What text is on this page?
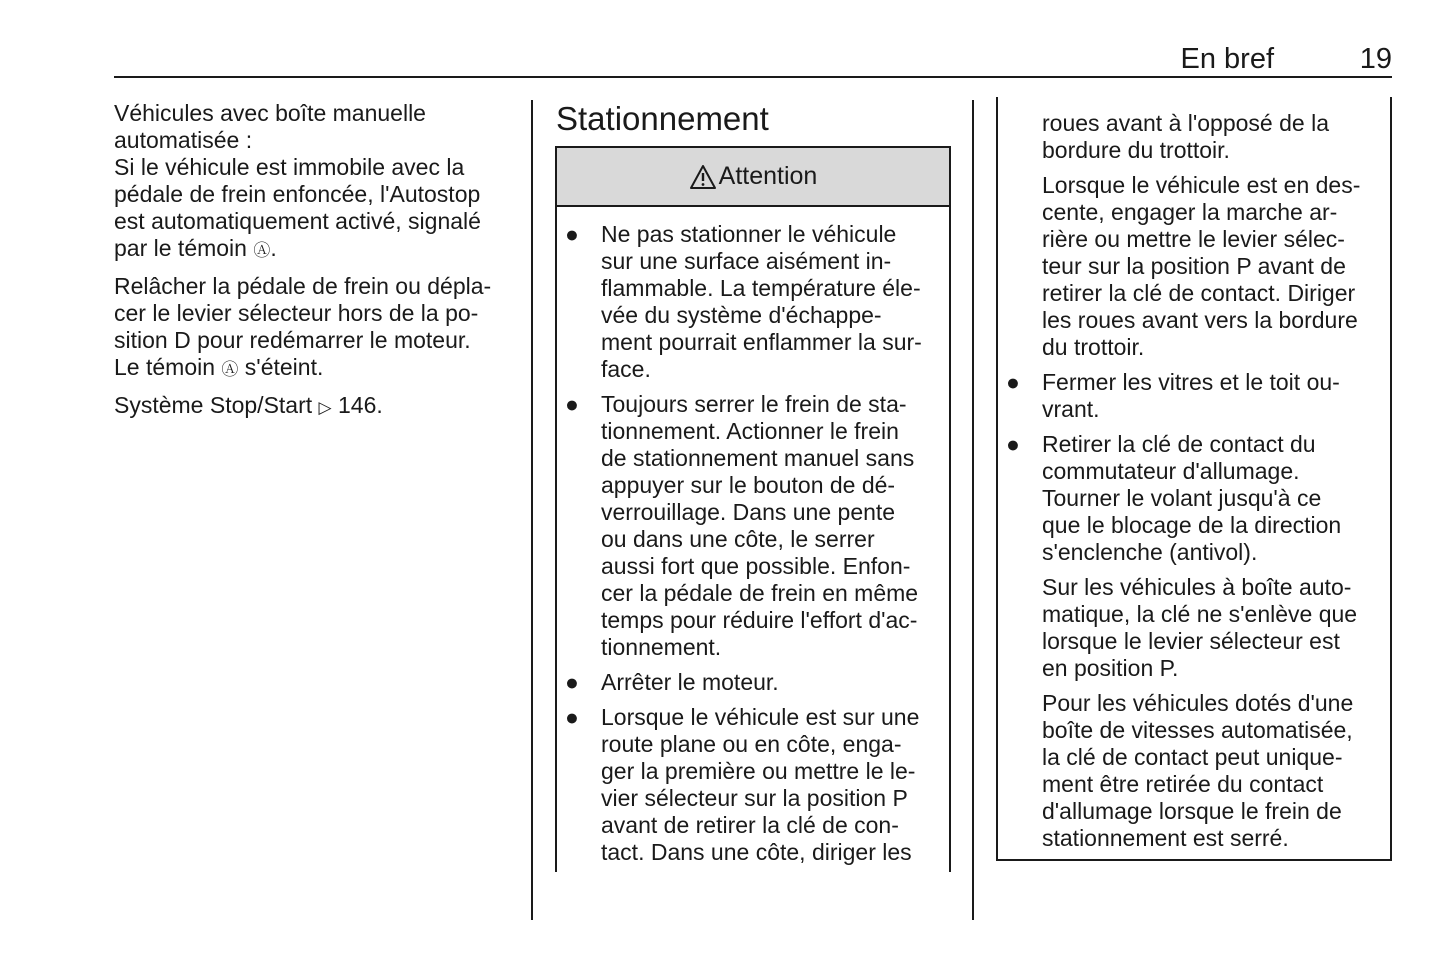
En bref	19

Véhicules avec boîte manuelle
automatisée :

Si le véhicule est immobile avec la
pédale de frein enfoncée, l'Autostop
est automatiquement activé, signalé
par le témoin Ⓐ.

Relâcher la pédale de frein ou dépla-
cer le levier sélecteur hors de la po-
sition D pour redémarrer le moteur.
Le témoin Ⓐ s'éteint.

Système Stop/Start ▷ 146.

Stationnement
Attention
● Ne pas stationner le véhicule
sur une surface aisément in-
flammable. La température éle-
vée du système d'échappe-
ment pourrait enflammer la sur-
face.
● Toujours serrer le frein de sta-
tionnement. Actionner le frein
de stationnement manuel sans
appuyer sur le bouton de dé-
verrouillage. Dans une pente
ou dans une côte, le serrer
aussi fort que possible. Enfon-
cer la pédale de frein en même
temps pour réduire l'effort d'ac-
tionnement.
● Arrêter le moteur.
● Lorsque le véhicule est sur une
route plane ou en côte, enga-
ger la première ou mettre le le-
vier sélecteur sur la position P
avant de retirer la clé de con-
tact. Dans une côte, diriger les

roues avant à l'opposé de la
bordure du trottoir.

Lorsque le véhicule est en des-
cente, engager la marche ar-
rière ou mettre le levier sélec-
teur sur la position P avant de
retirer la clé de contact. Diriger
les roues avant vers la bordure
du trottoir.

● Fermer les vitres et le toit ou-
vrant.
● Retirer la clé de contact du
commutateur d'allumage.
Tourner le volant jusqu'à ce
que le blocage de la direction
s'enclenche (antivol).

Sur les véhicules à boîte auto-
matique, la clé ne s'enlève que
lorsque le levier sélecteur est
en position P.

Pour les véhicules dotés d'une
boîte de vitesses automatisée,
la clé de contact peut unique-
ment être retirée du contact
d'allumage lorsque le frein de
stationnement est serré.
